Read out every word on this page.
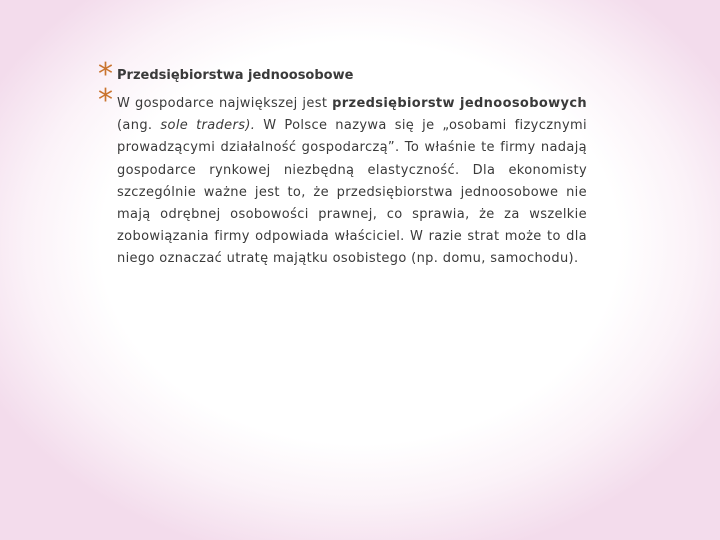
* Przedsiębiorstwa jednoosobowe
* W gospodarce największej jest przedsiębiorstw jednoosobowych (ang. sole traders). W Polsce nazywa się je „osobami fizycznymi prowadzącymi działalność gospodarczą”. To właśnie te firmy nadają gospodarce rynkowej niezbędną elastyczność. Dla ekonomisty szczególnie ważne jest to, że przedsiębiorstwa jednoosobowe nie mają odrębnej osobowości prawnej, co sprawia, że za wszelkie zobowiązania firmy odpowiada właściciel. W razie strat może to dla niego oznaczać utratę majątku osobistego (np. domu, samochodu).
